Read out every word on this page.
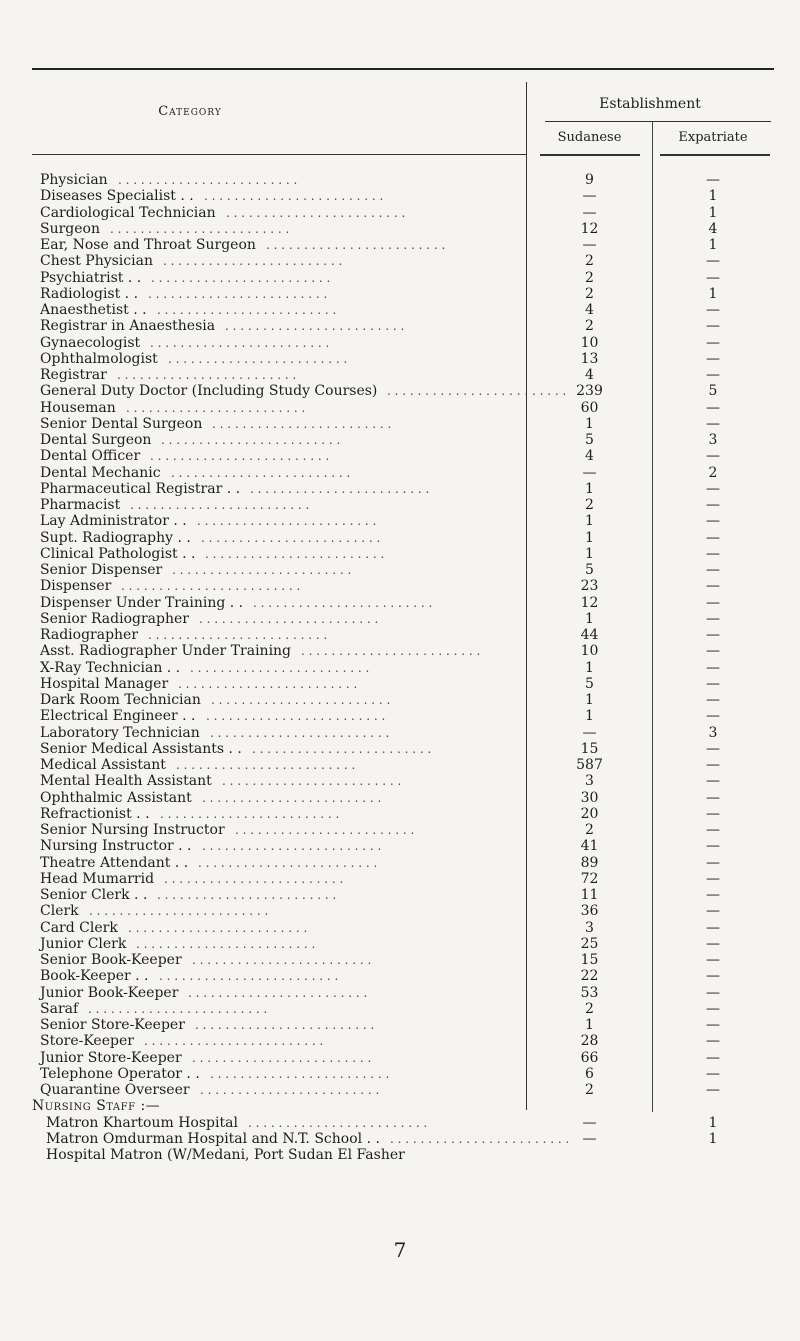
Category	Establishment
Sudanese	Expatriate
Physician . . . . . . . . . . . . . . . . . . . . . . . .	9	—
Diseases Specialist . . . . . . . . . . . . . . . . . . . . . . . . . .	—	1
Cardiological Technician . . . . . . . . . . . . . . . . . . . . . . . .	—	1
Surgeon . . . . . . . . . . . . . . . . . . . . . . . .	12	4
Ear, Nose and Throat Surgeon . . . . . . . . . . . . . . . . . . . . . . . .	—	1
Chest Physician . . . . . . . . . . . . . . . . . . . . . . . .	2	—
Psychiatrist . . . . . . . . . . . . . . . . . . . . . . . . . .	2	—
Radiologist . . . . . . . . . . . . . . . . . . . . . . . . . .	2	1
Anaesthetist . . . . . . . . . . . . . . . . . . . . . . . . . .	4	—
Registrar in Anaesthesia . . . . . . . . . . . . . . . . . . . . . . . .	2	—
Gynaecologist . . . . . . . . . . . . . . . . . . . . . . . .	10	—
Ophthalmologist . . . . . . . . . . . . . . . . . . . . . . . .	13	—
Registrar . . . . . . . . . . . . . . . . . . . . . . . .	4	—
General Duty Doctor (Including Study Courses) . . . . . . . . . . . . . . . . . . . . . . . . 239	5
Houseman . . . . . . . . . . . . . . . . . . . . . . . .	60	—
Senior Dental Surgeon . . . . . . . . . . . . . . . . . . . . . . . .	1	—
Dental Surgeon . . . . . . . . . . . . . . . . . . . . . . . .	5	3
Dental Officer . . . . . . . . . . . . . . . . . . . . . . . .	4	—
Dental Mechanic . . . . . . . . . . . . . . . . . . . . . . . .	—	2
Pharmaceutical Registrar . . . . . . . . . . . . . . . . . . . . . . . . . .	1	—
Pharmacist . . . . . . . . . . . . . . . . . . . . . . . .	2	—
Lay Administrator . . . . . . . . . . . . . . . . . . . . . . . . . .	1	—
Supt. Radiography . . . . . . . . . . . . . . . . . . . . . . . . . .	1	—
Clinical Pathologist . . . . . . . . . . . . . . . . . . . . . . . . . .	1	—
Senior Dispenser . . . . . . . . . . . . . . . . . . . . . . . .	5	—
Dispenser . . . . . . . . . . . . . . . . . . . . . . . .	23	—
Dispenser Under Training . . . . . . . . . . . . . . . . . . . . . . . . . .	12	—
Senior Radiographer . . . . . . . . . . . . . . . . . . . . . . . .	1	—
Radiographer . . . . . . . . . . . . . . . . . . . . . . . .	44	—
Asst. Radiographer Under Training . . . . . . . . . . . . . . . . . . . . . . . .	10	—
X-Ray Technician . . . . . . . . . . . . . . . . . . . . . . . . . .	1	—
Hospital Manager . . . . . . . . . . . . . . . . . . . . . . . .	5	—
Dark Room Technician . . . . . . . . . . . . . . . . . . . . . . . .	1	—
Electrical Engineer . . . . . . . . . . . . . . . . . . . . . . . . . .	1	—
Laboratory Technician . . . . . . . . . . . . . . . . . . . . . . . .	—	3
Senior Medical Assistants . . . . . . . . . . . . . . . . . . . . . . . . . .	15	—
Medical Assistant . . . . . . . . . . . . . . . . . . . . . . . .	587	—
Mental Health Assistant . . . . . . . . . . . . . . . . . . . . . . . .	3	—
Ophthalmic Assistant . . . . . . . . . . . . . . . . . . . . . . . .	30	—
Refractionist . . . . . . . . . . . . . . . . . . . . . . . . . .	20	—
Senior Nursing Instructor . . . . . . . . . . . . . . . . . . . . . . . .	2	—
Nursing Instructor . . . . . . . . . . . . . . . . . . . . . . . . . .	41	—
Theatre Attendant . . . . . . . . . . . . . . . . . . . . . . . . . .	89	—
Head Mumarrid . . . . . . . . . . . . . . . . . . . . . . . .	72	—
Senior Clerk . . . . . . . . . . . . . . . . . . . . . . . . . .	11	—
Clerk . . . . . . . . . . . . . . . . . . . . . . . .	36	—
Card Clerk . . . . . . . . . . . . . . . . . . . . . . . .	3	—
Junior Clerk . . . . . . . . . . . . . . . . . . . . . . . .	25	—
Senior Book-Keeper . . . . . . . . . . . . . . . . . . . . . . . .	15	—
Book-Keeper . . . . . . . . . . . . . . . . . . . . . . . . . .	22	—
Junior Book-Keeper . . . . . . . . . . . . . . . . . . . . . . . .	53	—
Saraf . . . . . . . . . . . . . . . . . . . . . . . .	2	—
Senior Store-Keeper . . . . . . . . . . . . . . . . . . . . . . . .	1	—
Store-Keeper . . . . . . . . . . . . . . . . . . . . . . . .	28	—
Junior Store-Keeper . . . . . . . . . . . . . . . . . . . . . . . .	66	—
Telephone Operator . . . . . . . . . . . . . . . . . . . . . . . . . .	6	—
Quarantine Overseer . . . . . . . . . . . . . . . . . . . . . . . .	2	—
Nursing Staff :—
Matron Khartoum Hospital . . . . . . . . . . . . . . . . . . . . . . . .	—	1
Matron Omdurman Hospital and N.T. School . . . . . . . . . . . . . . . . . . . . . . . . . . —	1
Hospital Matron (W/Medani, Port Sudan El Fasher
7
